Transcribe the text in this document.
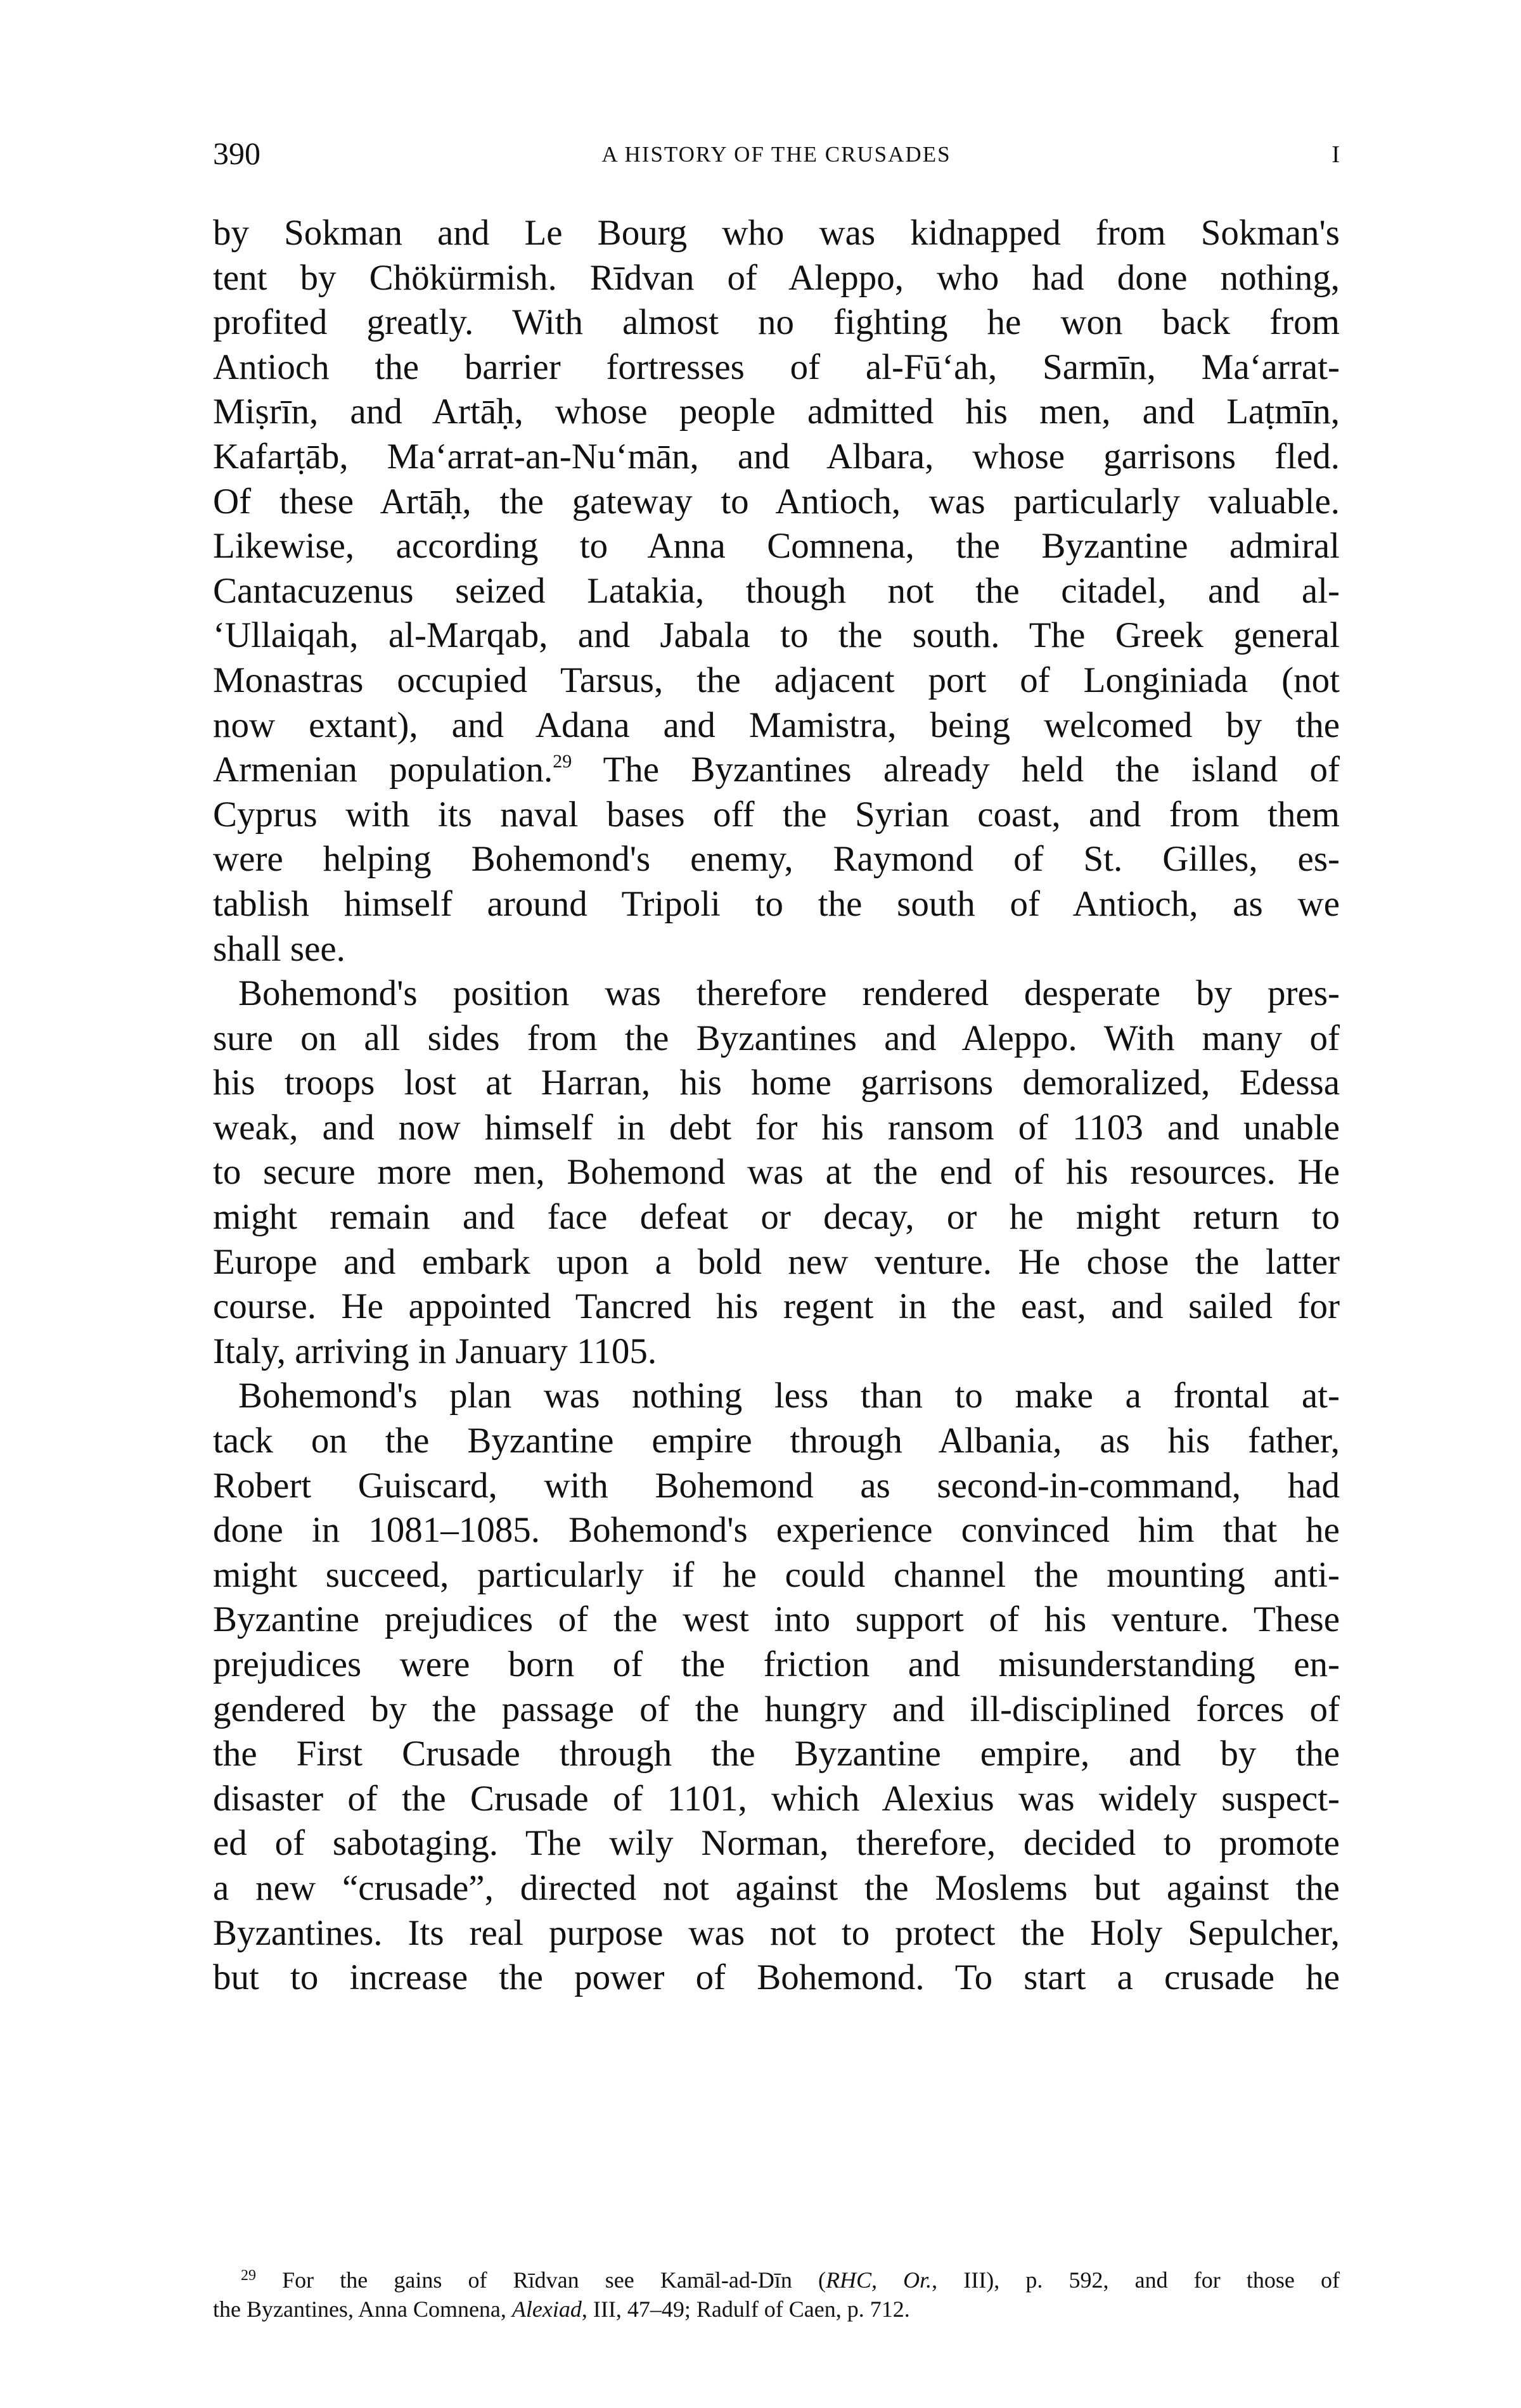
390	A HISTORY OF THE CRUSADES	I
by Sokman and Le Bourg who was kidnapped from Sokman's
tent by Chökürmish. Rīdvan of Aleppo, who had done nothing,
profited greatly. With almost no fighting he won back from
Antioch the barrier fortresses of al-Fū‘ah, Sarmīn, Ma‘arrat-
Miṣrīn, and Artāḥ, whose people admitted his men, and Laṭmīn,
Kafarṭāb, Ma‘arrat-an-Nu‘mān, and Albara, whose garrisons fled.
Of these Artāḥ, the gateway to Antioch, was particularly valuable.
Likewise, according to Anna Comnena, the Byzantine admiral
Cantacuzenus seized Latakia, though not the citadel, and al-
‘Ullaiqah, al-Marqab, and Jabala to the south. The Greek general
Monastras occupied Tarsus, the adjacent port of Longiniada (not
now extant), and Adana and Mamistra, being welcomed by the
Armenian population.$^{29}$ The Byzantines already held the island of
Cyprus with its naval bases off the Syrian coast, and from them
were helping Bohemond's enemy, Raymond of St. Gilles, es-
tablish himself around Tripoli to the south of Antioch, as we
shall see.
Bohemond's position was therefore rendered desperate by pres-
sure on all sides from the Byzantines and Aleppo. With many of
his troops lost at Harran, his home garrisons demoralized, Edessa
weak, and now himself in debt for his ransom of 1103 and unable
to secure more men, Bohemond was at the end of his resources. He
might remain and face defeat or decay, or he might return to
Europe and embark upon a bold new venture. He chose the latter
course. He appointed Tancred his regent in the east, and sailed for
Italy, arriving in January 1105.
Bohemond's plan was nothing less than to make a frontal at-
tack on the Byzantine empire through Albania, as his father,
Robert Guiscard, with Bohemond as second-in-command, had
done in 1081–1085. Bohemond's experience convinced him that he
might succeed, particularly if he could channel the mounting anti-
Byzantine prejudices of the west into support of his venture. These
prejudices were born of the friction and misunderstanding en-
gendered by the passage of the hungry and ill-disciplined forces of
the First Crusade through the Byzantine empire, and by the
disaster of the Crusade of 1101, which Alexius was widely suspect-
ed of sabotaging. The wily Norman, therefore, decided to promote
a new “crusade”, directed not against the Moslems but against the
Byzantines. Its real purpose was not to protect the Holy Sepulcher,
but to increase the power of Bohemond. To start a crusade he
$^{29}$ For the gains of Rīdvan see Kamāl-ad-Dīn (RHC, Or., III), p. 592, and for those of
the Byzantines, Anna Comnena, Alexiad, III, 47–49; Radulf of Caen, p. 712.
